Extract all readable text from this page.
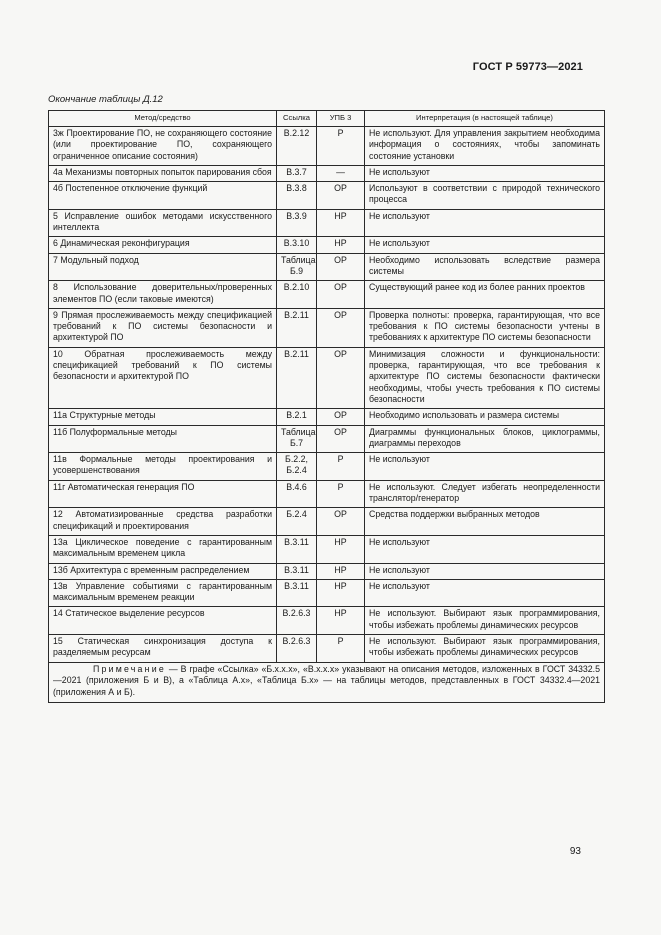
ГОСТ Р 59773—2021
Окончание таблицы Д.12
Метод/средство	Ссылка	УПБ 3	Интерпретация (в настоящей таблице)
3ж Проектирование ПО, не сохраняющего состояние (или проектирование ПО, сохраняющего ограниченное описание состояния)	В.2.12	Р	Не используют. Для управления закрытием необходима информация о состояниях, чтобы запоминать состояние установки
4а Механизмы повторных попыток парирования сбоя	В.3.7	—	Не используют
4б Постепенное отключение функций	В.3.8	ОР	Используют в соответствии с природой технического процесса
5 Исправление ошибок методами искусственного интеллекта	В.3.9	НР	Не используют
6 Динамическая реконфигурация	В.3.10	НР	Не используют
7 Модульный подход	Таблица Б.9	ОР	Необходимо использовать вследствие размера системы
8 Использование доверительных/проверенных элементов ПО (если таковые имеются)	В.2.10	ОР	Существующий ранее код из более ранних проектов
9 Прямая прослеживаемость между спецификацией требований к ПО системы безопасности и архитектурой ПО	В.2.11	ОР	Проверка полноты: проверка, гарантирующая, что все требования к ПО системы безопасности учтены в требованиях к архитектуре ПО системы безопасности
10 Обратная прослеживаемость между спецификацией требований к ПО системы безопасности и архитектурой ПО	В.2.11	ОР	Минимизация сложности и функциональности: проверка, гарантирующая, что все требования к архитектуре ПО системы безопасности фактически необходимы, чтобы учесть требования к ПО системы безопасности
11а Структурные методы	В.2.1	ОР	Необходимо использовать и размера системы
11б Полуформальные методы	Таблица Б.7	ОР	Диаграммы функциональных блоков, циклограммы, диаграммы переходов
11в Формальные методы проектирования и усовершенствования	Б.2.2, Б.2.4	Р	Не используют
11г Автоматическая генерация ПО	В.4.6	Р	Не используют. Следует избегать неопределенности транслятор/генератор
12 Автоматизированные средства разработки спецификаций и проектирования	Б.2.4	ОР	Средства поддержки выбранных методов
13а Циклическое поведение с гарантированным максимальным временем цикла	В.3.11	НР	Не используют
13б Архитектура с временным распределением	В.3.11	НР	Не используют
13в Управление событиями с гарантированным максимальным временем реакции	В.3.11	НР	Не используют
14 Статическое выделение ресурсов	В.2.6.3	НР	Не используют. Выбирают язык программирования, чтобы избежать проблемы динамических ресурсов
15 Статическая синхронизация доступа к разделяемым ресурсам	В.2.6.3	Р	Не используют. Выбирают язык программирования, чтобы избежать проблемы динамических ресурсов
Примечание — В графе «Ссылка» «Б.х.х.х», «В.х.х.х» указывают на описания методов, изложенных в ГОСТ 34332.5—2021 (приложения Б и В), а «Таблица А.х», «Таблица Б.х» — на таблицы методов, представленных в ГОСТ 34332.4—2021 (приложения А и Б).			
93
